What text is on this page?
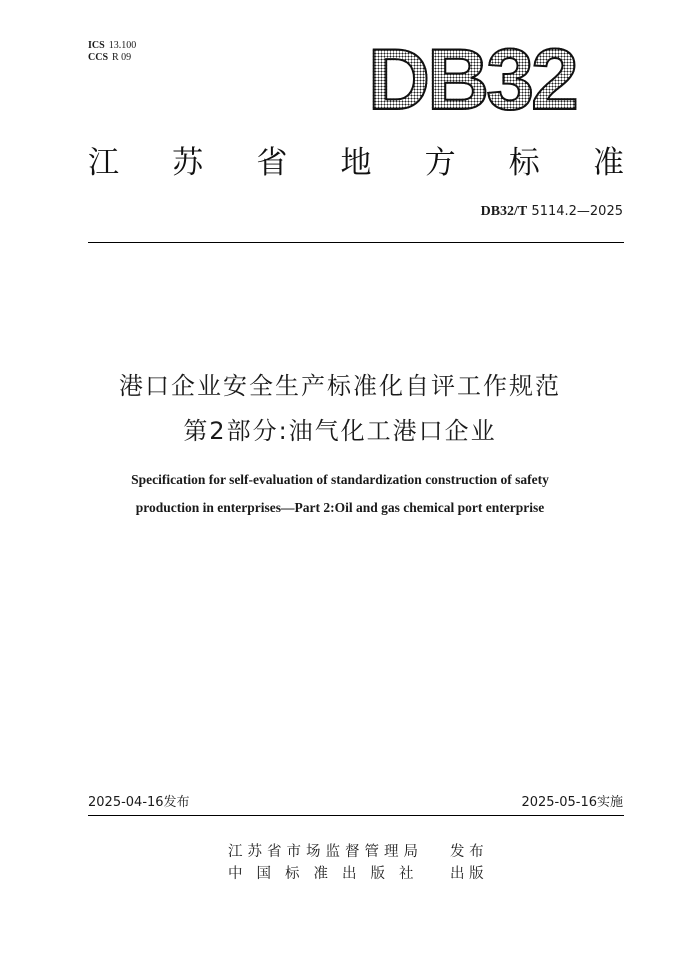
ICS 13.100
CCS R 09	DB32
江 苏 省 地 方 标 准
DB32/T 5114.2—2025
港口企业安全生产标准化自评工作规范
第2部分:油气化工港口企业
Specification for self-evaluation of standardization construction of safety
production in enterprises—Part 2:Oil and gas chemical port enterprise
2025-04-16发布	2025-05-16实施
江苏省市场监督管理局 发 布
中国标准出版社 出 版
